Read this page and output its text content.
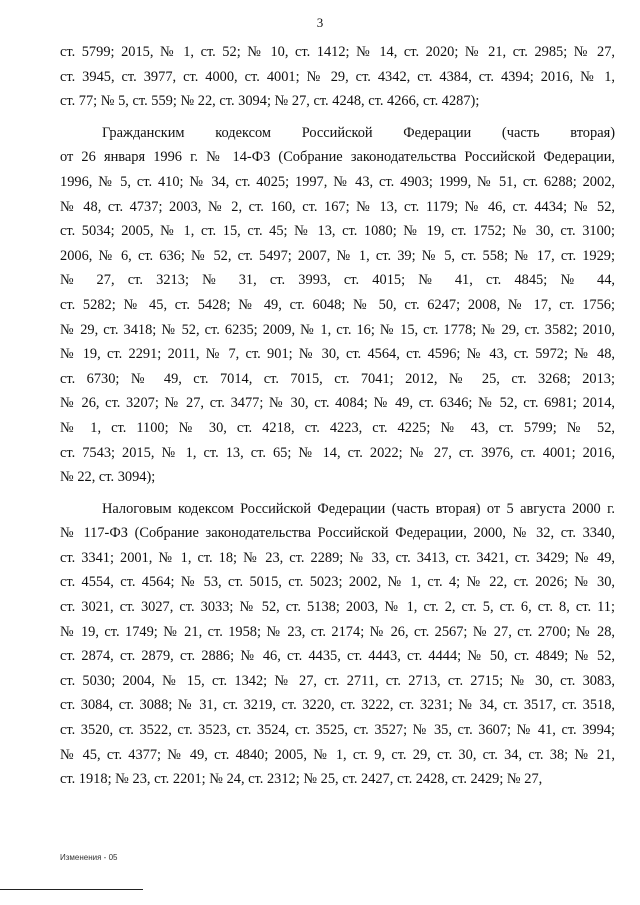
3
ст. 5799; 2015, № 1, ст. 52; № 10, ст. 1412; № 14, ст. 2020; № 21, ст. 2985; № 27,
ст. 3945, ст. 3977, ст. 4000, ст. 4001; № 29, ст. 4342, ст. 4384, ст. 4394; 2016, № 1,
ст. 77; № 5, ст. 559; № 22, ст. 3094; № 27, ст. 4248, ст. 4266, ст. 4287);
Гражданским кодексом Российской Федерации (часть вторая)
от 26 января 1996 г. № 14-ФЗ (Собрание законодательства Российской Федерации,
1996, № 5, ст. 410; № 34, ст. 4025; 1997, № 43, ст. 4903; 1999, № 51, ст. 6288; 2002,
№ 48, ст. 4737; 2003, № 2, ст. 160, ст. 167; № 13, ст. 1179; № 46, ст. 4434; № 52,
ст. 5034; 2005, № 1, ст. 15, ст. 45; № 13, ст. 1080; № 19, ст. 1752; № 30, ст. 3100;
2006, № 6, ст. 636; № 52, ст. 5497; 2007, № 1, ст. 39; № 5, ст. 558; № 17, ст. 1929;
№ 27, ст. 3213; № 31, ст. 3993, ст. 4015; № 41, ст. 4845; № 44,
ст. 5282; № 45, ст. 5428; № 49, ст. 6048; № 50, ст. 6247; 2008, № 17, ст. 1756;
№ 29, ст. 3418; № 52, ст. 6235; 2009, № 1, ст. 16; № 15, ст. 1778; № 29, ст. 3582; 2010,
№ 19, ст. 2291; 2011, № 7, ст. 901; № 30, ст. 4564, ст. 4596; № 43, ст. 5972; № 48,
ст. 6730; № 49, ст. 7014, ст. 7015, ст. 7041; 2012, № 25, ст. 3268; 2013;
№ 26, ст. 3207; № 27, ст. 3477; № 30, ст. 4084; № 49, ст. 6346; № 52, ст. 6981; 2014,
№ 1, ст. 1100; № 30, ст. 4218, ст. 4223, ст. 4225; № 43, ст. 5799; № 52,
ст. 7543; 2015, № 1, ст. 13, ст. 65; № 14, ст. 2022; № 27, ст. 3976, ст. 4001; 2016,
№ 22, ст. 3094);
Налоговым кодексом Российской Федерации (часть вторая) от 5 августа 2000 г.
№ 117-ФЗ (Собрание законодательства Российской Федерации, 2000, № 32, ст. 3340,
ст. 3341; 2001, № 1, ст. 18; № 23, ст. 2289; № 33, ст. 3413, ст. 3421, ст. 3429; № 49,
ст. 4554, ст. 4564; № 53, ст. 5015, ст. 5023; 2002, № 1, ст. 4; № 22, ст. 2026; № 30,
ст. 3021, ст. 3027, ст. 3033; № 52, ст. 5138; 2003, № 1, ст. 2, ст. 5, ст. 6, ст. 8, ст. 11;
№ 19, ст. 1749; № 21, ст. 1958; № 23, ст. 2174; № 26, ст. 2567; № 27, ст. 2700; № 28,
ст. 2874, ст. 2879, ст. 2886; № 46, ст. 4435, ст. 4443, ст. 4444; № 50, ст. 4849; № 52,
ст. 5030; 2004, № 15, ст. 1342; № 27, ст. 2711, ст. 2713, ст. 2715; № 30, ст. 3083,
ст. 3084, ст. 3088; № 31, ст. 3219, ст. 3220, ст. 3222, ст. 3231; № 34, ст. 3517, ст. 3518,
ст. 3520, ст. 3522, ст. 3523, ст. 3524, ст. 3525, ст. 3527; № 35, ст. 3607; № 41, ст. 3994;
№ 45, ст. 4377; № 49, ст. 4840; 2005, № 1, ст. 9, ст. 29, ст. 30, ст. 34, ст. 38; № 21,
ст. 1918; № 23, ст. 2201; № 24, ст. 2312; № 25, ст. 2427, ст. 2428, ст. 2429; № 27,
Изменения - 05
